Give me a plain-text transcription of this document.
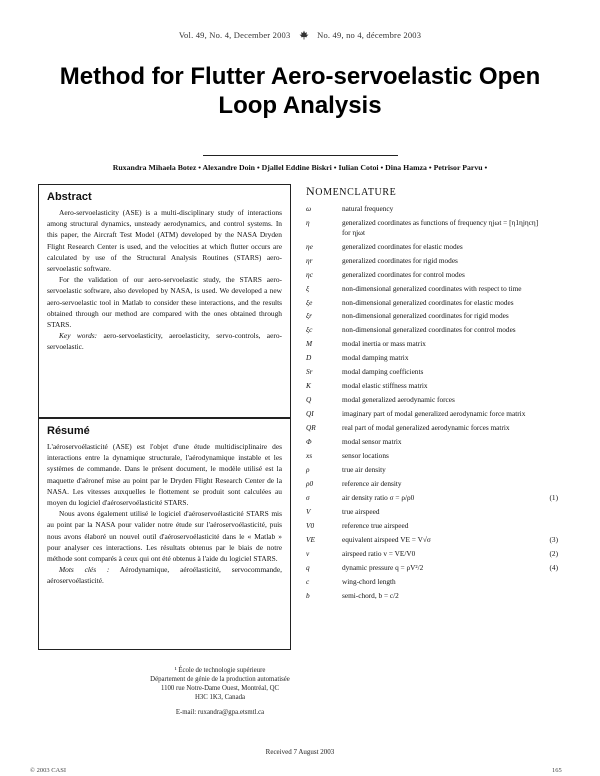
Vol. 49, No. 4, December 2003	No. 49, no 4, décembre 2003
Method for Flutter Aero-servoelastic Open Loop Analysis
Ruxandra Mihaela Botez • Alexandre Doin • Djallel Eddine Biskri • Iulian Cotoi • Dina Hamza • Petrisor Parvu •
Abstract

Aero-servoelasticity (ASE) is a multi-disciplinary study of interactions among structural dynamics, unsteady aerodynamics, and control systems. In this paper, the Aircraft Test Model (ATM) developed by the NASA Dryden Flight Research Center is used, and the velocities at which flutter occurs are calculated by use of the Structural Analysis Routines (STARS) aero-servoelastic software.

For the validation of our aero-servoelastic study, the STARS aero-servoelastic software, also developed by NASA, is used. We developed a new aero-servoelastic tool in Matlab to consider these interactions, and the results obtained through our method are compared with the ones obtained through STARS.

Key words: aero-servoelasticity, aeroelasticity, servo-controls, aero-servoelastic.

Résumé

L'aéroservoélasticité (ASE) est l'objet d'une étude multidisciplinaire des interactions entre la dynamique structurale, l'aérodynamique instable et les systèmes de commande. Dans le présent document, le modèle utilisé est la maquette d'aéronef mise au point par le Dryden Flight Research Center de la NASA. Les vitesses auxquelles le flottement se produit sont calculées au moyen du logiciel d'aéroservoélasticité STARS.

Nous avons également utilisé le logiciel d'aéroservoélasticité STARS mis au point par la NASA pour valider notre étude sur l'aéroservoélasticité, puis nous avons élaboré un nouvel outil d'aéroservoélasticité dans le « Matlab » pour analyser ces interactions. Les résultats obtenus par le biais de notre méthode sont comparés à ceux qui ont été obtenus à l'aide du logiciel STARS.

Mots clés : Aérodynamique, aéroélasticité, servocommande, aéroservoélasticité.

NOMENCLATURE
ω	natural frequency
η	generalized coordinates as functions of frequency ηjωt = [η1ηjηcη] for ηjωt
ηe	generalized coordinates for elastic modes
ηr	generalized coordinates for rigid modes
ηc	generalized coordinates for control modes
ξ	non-dimensional generalized coordinates with respect to time
ξe	non-dimensional generalized coordinates for elastic modes
ξr	non-dimensional generalized coordinates for rigid modes
ξc	non-dimensional generalized coordinates for control modes
M	modal inertia or mass matrix
D	modal damping matrix
Sr	modal damping coefficients
K	modal elastic stiffness matrix
Q	modal generalized aerodynamic forces
QI	imaginary part of modal generalized aerodynamic force matrix
QR	real part of modal generalized aerodynamic forces matrix
Φ	modal sensor matrix
xs	sensor locations
ρ	true air density
ρ0	reference air density
σ	air density ratio σ = ρ/ρ0	(1)
V	true airspeed
V0	reference true airspeed
VE	equivalent airspeed VE = V√σ	(3)
v	airspeed ratio v = VE/V0	(2)
q	dynamic pressure q = ρV²/2	(4)
c	wing-chord length
b	semi-chord, b = c/2
¹ École de technologie supérieure
Département de génie de la production automatisée
1100 rue Notre-Dame Ouest, Montréal, QC
H3C 1K3, Canada
E-mail: ruxandra@gpa.etsmtl.ca
Received 7 August 2003
© 2003 CASI	165
